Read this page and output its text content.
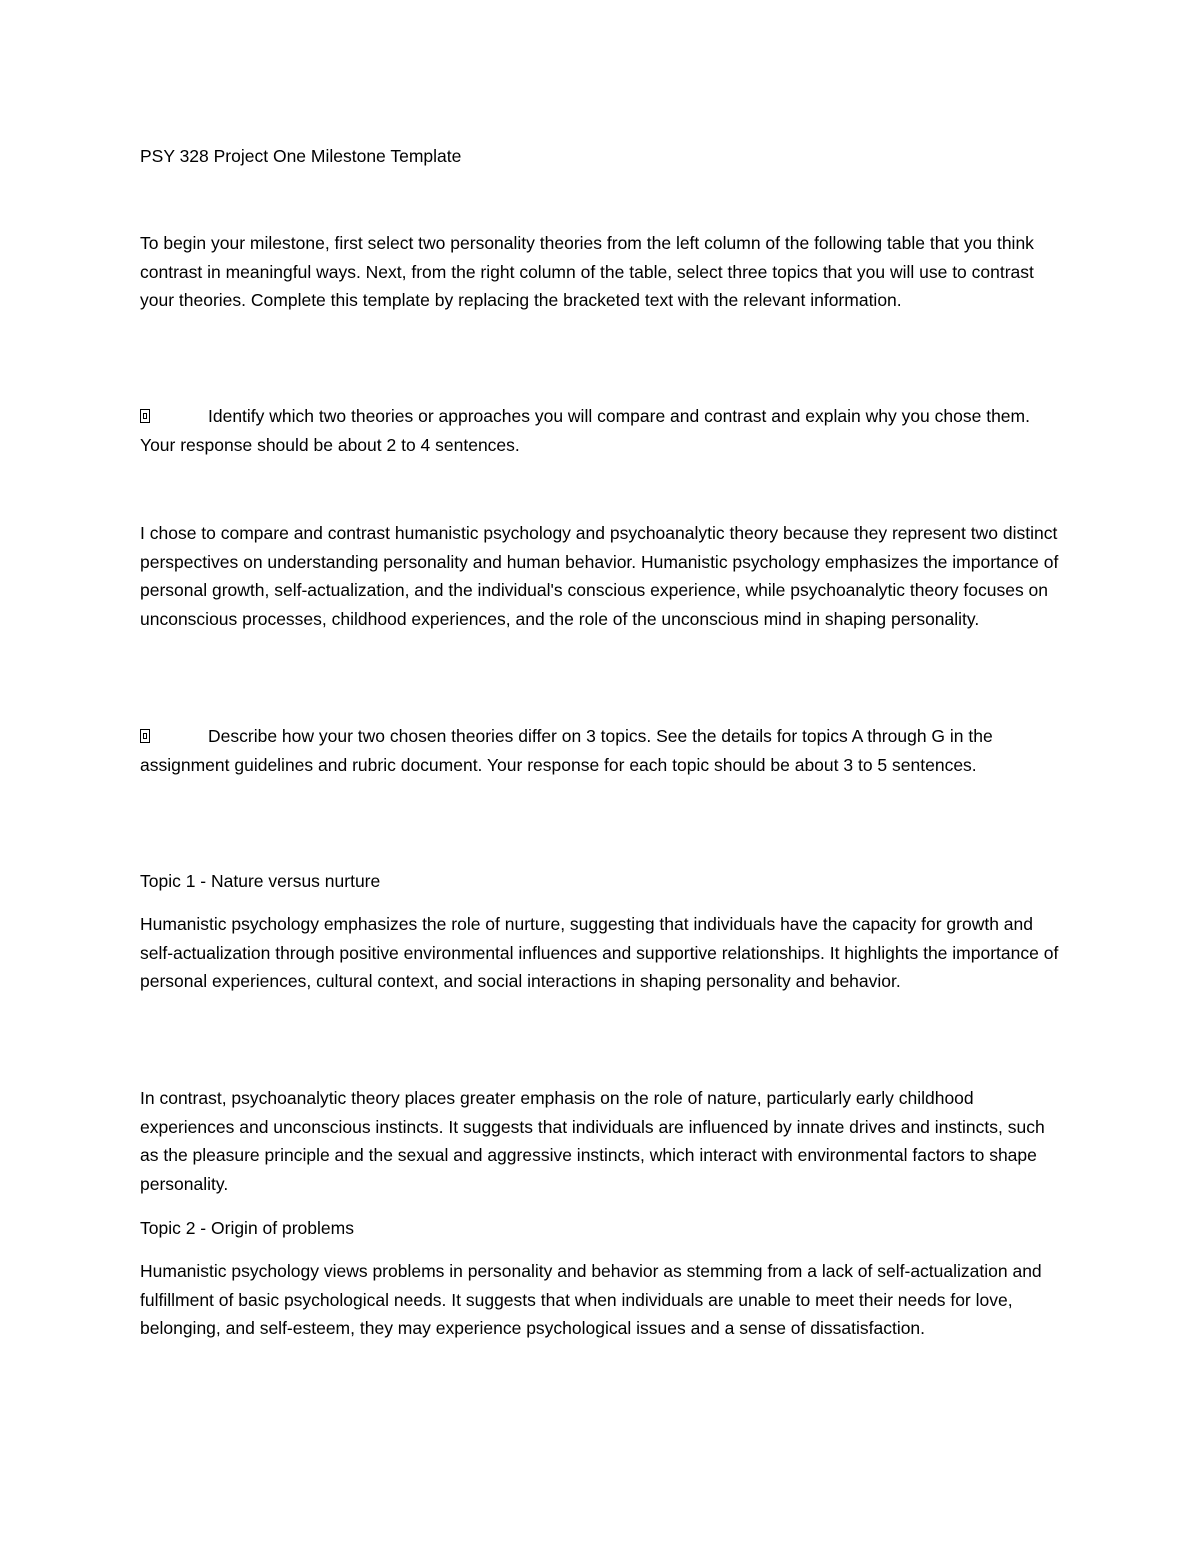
PSY 328 Project One Milestone Template

To begin your milestone, first select two personality theories from the left column of the following table that you think contrast in meaningful ways. Next, from the right column of the table, select three topics that you will use to contrast your theories. Complete this template by replacing the bracketed text with the relevant information.

Identify which two theories or approaches you will compare and contrast and explain why you chose them. Your response should be about 2 to 4 sentences.

I chose to compare and contrast humanistic psychology and psychoanalytic theory because they represent two distinct perspectives on understanding personality and human behavior. Humanistic psychology emphasizes the importance of personal growth, self-actualization, and the individual's conscious experience, while psychoanalytic theory focuses on unconscious processes, childhood experiences, and the role of the unconscious mind in shaping personality.

Describe how your two chosen theories differ on 3 topics. See the details for topics A through G in the assignment guidelines and rubric document. Your response for each topic should be about 3 to 5 sentences.

Topic 1 - Nature versus nurture

Humanistic psychology emphasizes the role of nurture, suggesting that individuals have the capacity for growth and self-actualization through positive environmental influences and supportive relationships. It highlights the importance of personal experiences, cultural context, and social interactions in shaping personality and behavior.

In contrast, psychoanalytic theory places greater emphasis on the role of nature, particularly early childhood experiences and unconscious instincts. It suggests that individuals are influenced by innate drives and instincts, such as the pleasure principle and the sexual and aggressive instincts, which interact with environmental factors to shape personality.

Topic 2 - Origin of problems

Humanistic psychology views problems in personality and behavior as stemming from a lack of self-actualization and fulfillment of basic psychological needs. It suggests that when individuals are unable to meet their needs for love, belonging, and self-esteem, they may experience psychological issues and a sense of dissatisfaction.
